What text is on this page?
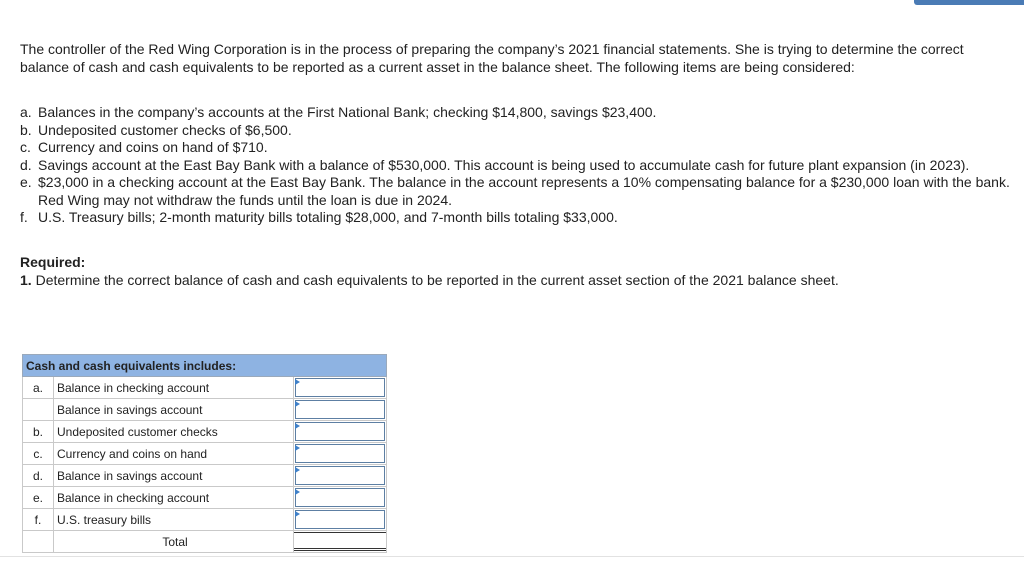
The controller of the Red Wing Corporation is in the process of preparing the company’s 2021 financial statements. She is trying to determine the correct balance of cash and cash equivalents to be reported as a current asset in the balance sheet. The following items are being considered:

a. Balances in the company’s accounts at the First National Bank; checking $14,800, savings $23,400.
b. Undeposited customer checks of $6,500.
c. Currency and coins on hand of $710.
d. Savings account at the East Bay Bank with a balance of $530,000. This account is being used to accumulate cash for future plant expansion (in 2023).
e. $23,000 in a checking account at the East Bay Bank. The balance in the account represents a 10% compensating balance for a $230,000 loan with the bank. Red Wing may not withdraw the funds until the loan is due in 2024.
f. U.S. Treasury bills; 2-month maturity bills totaling $28,000, and 7-month bills totaling $33,000.

Required:

1. Determine the correct balance of cash and cash equivalents to be reported in the current asset section of the 2021 balance sheet.

Cash and cash equivalents includes:		
a.	Balance in checking account	

	Balance in savings account	

b.	Undeposited customer checks	

c.	Currency and coins on hand	

d.	Balance in savings account	

e.	Balance in checking account	

f.	U.S. treasury bills	

	Total	
